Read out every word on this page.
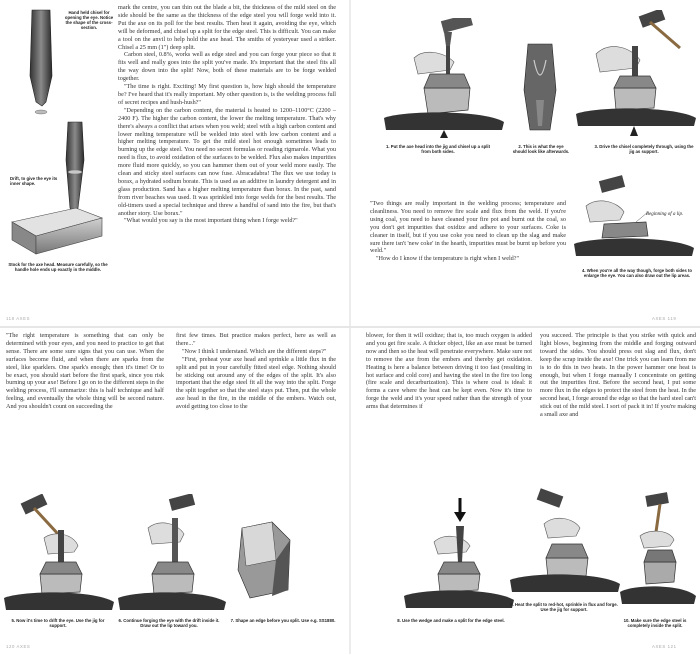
Hand held chisel for opening the eye. Notice the shape of the cross-section.
Drift, to give the eye its inner shape.
Stock for the axe head. Measure carefully, so the handle hole ends up exactly in the middle.

mark the centre, you can thin out the blade a bit, the thickness of the mild steel on the side should be the same as the thickness of the edge steel you will forge weld into it. Put the axe on its poll for the best results. Then heat it again, avoiding the eye, which will be deformed, and chisel up a split for the edge steel. This is difficult. You can make a tool on the anvil to help hold the axe head. The smiths of yesteryear used a striker. Chisel a 25 mm (1") deep split.

Carbon steel, 0.8%, works well as edge steel and you can forge your piece so that it fits well and really goes into the split you've made. It's important that the steel fits all the way down into the split! Now, both of these materials are to be forge welded together.

"The time is right. Exciting! My first question is, how high should the temperature be? I've heard that it's really important. My other question is, is the welding process full of secret recipes and hush-hush?"

"Depending on the carbon content, the material is heated to 1200–1100°C (2200 – 2400 F). The higher the carbon content, the lower the melting temperature. That's why there's always a conflict that arises when you weld; steel with a high carbon content and lower melting temperature will be welded into steel with low carbon content and a higher melting temperature. To get the mild steel hot enough sometimes leads to burning up the edge steel. You need no secret formulas or reading rigmarole. What you need is flux, to avoid oxidation of the surfaces to be welded. Flux also makes impurities more fluid more quickly, so you can hammer them out of your weld more easily. The clean and sticky steel surfaces can now fuse. Abracadabra! The flux we use today is borax, a hydrated sodium borate. This is used as an additive in laundry detergent and in glass production. Sand has a higher melting temperature than borax. In the past, sand from river beaches was used. It was sprinkled into forge welds for the best results. The old-timers used a special technique and threw a handful of sand into the fire, but that's another story. Use borax."

"What would you say is the most important thing when I forge weld?"

118 AXES
1. Put the axe head into the jig and chisel up a split from both sides.
2. This is what the eye should look like afterwards.
3. Drive the chisel completely through, using the jig as support.
Beginning of a lip.
4. When you're all the way though, forge both sides to enlarge the eye. You can also draw out the lip areas.

"Two things are really important in the welding process; temperature and cleanliness. You need to remove fire scale and flux from the weld. If you're using coal, you need to have cleaned your fire pot and burnt out the coal, so you don't get impurities that oxidize and adhere to your surfaces. Coke is cleaner in itself, but if you use coke you need to clean up the slag and make sure there isn't 'new coke' in the hearth, impurities must be burnt up before you weld."

"How do I know if the temperature is right when I weld?"

AXES 119

"The right temperature is something that can only be determined with your eyes, and you need to practice to get that sense. There are some sure signs that you can use. When the surfaces become fluid, and when there are sparks from the steel, like sparklers. One spark's enough; then it's time! Or to be exact, you should start before the first spark, since you risk burning up your axe! Before I go on to the different steps in the welding process, I'll summarize: this is half technique and half feeling, and eventually the whole thing will be second nature. And you shouldn't count on succeeding the

first few times. But practice makes perfect, here as well as there..."

"Now I think I understand. Which are the different steps?"

"First, preheat your axe head and sprinkle a little flux in the split and put in your carefully fitted steel edge. Nothing should be sticking out around any of the edges of the split. It's also important that the edge steel fit all the way into the split. Forge the split together so that the steel stays put. Then, put the whole axe head in the fire, in the middle of the embers. Watch out, avoid getting too close to the

5. Now it's time to drift the eye. Use the jig for support.
6. Continue forging the eye with the drift inside it. Draw out the lip toward you.
7. Shape an edge before you split. Use e.g. SS1880.
120 AXES

blower, for then it will oxidize; that is, too much oxygen is added and you get fire scale. A thicker object, like an axe must be turned now and then so the heat will penetrate everywhere. Make sure not to remove the axe from the embers and thereby get oxidation. Heating is here a balance between driving it too fast (resulting in hot surface and cold core) and having the steel in the fire too long (fire scale and decarburization). This is where coal is ideal: it forms a cave where the heat can be kept even. Now it's time to forge the weld and it's your speed rather than the strength of your arms that determines if

you succeed. The principle is that you strike with quick and light blows, beginning from the middle and forging outward toward the sides. You should press out slag and flux, don't keep the scrap inside the axe! One trick you can learn from me is to do this in two heats. In the power hammer one heat is enough, but when I forge manually I concentrate on getting out the impurities first. Before the second heat, I put some more flux in the edges to protect the steel from the heat. In the second heat, I forge around the edge so that the hard steel can't stick out of the mild steel. I sort of pack it in! If you're making a small axe and

8. Use the wedge and make a split for the edge steel.
9. Heat the split to red-hot, sprinkle in flux and forge. Use the jig for support.
10. Make sure the edge steel is completely inside the split.
AXES 121
